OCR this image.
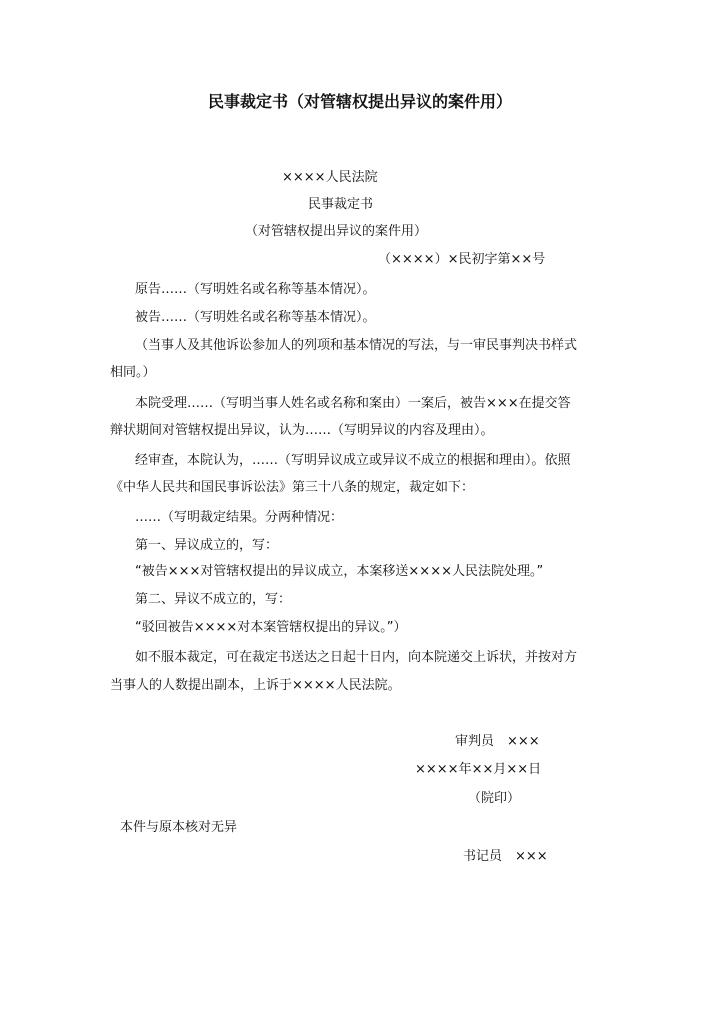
民事裁定书（对管辖权提出异议的案件用）
××××人民法院
民事裁定书
（对管辖权提出异议的案件用）
（××××）×民初字第××号
原告……（写明姓名或名称等基本情况）。
被告……（写明姓名或名称等基本情况）。
（当事人及其他诉讼参加人的列项和基本情况的写法，与一审民事判决书样式
相同。）
本院受理……（写明当事人姓名或名称和案由）一案后，被告×××在提交答
辩状期间对管辖权提出异议，认为……（写明异议的内容及理由）。
经审查，本院认为，……（写明异议成立或异议不成立的根据和理由）。依照
《中华人民共和国民事诉讼法》第三十八条的规定，裁定如下：
……（写明裁定结果。分两种情况：
第一、异议成立的，写：
“被告×××对管辖权提出的异议成立，本案移送××××人民法院处理。”
第二、异议不成立的，写：
“驳回被告××××对本案管辖权提出的异议。”）
如不服本裁定，可在裁定书送达之日起十日内，向本院递交上诉状，并按对方
当事人的人数提出副本，上诉于××××人民法院。
审判员　×××
××××年××月××日
（院印）
本件与原本核对无异
书记员　×××
